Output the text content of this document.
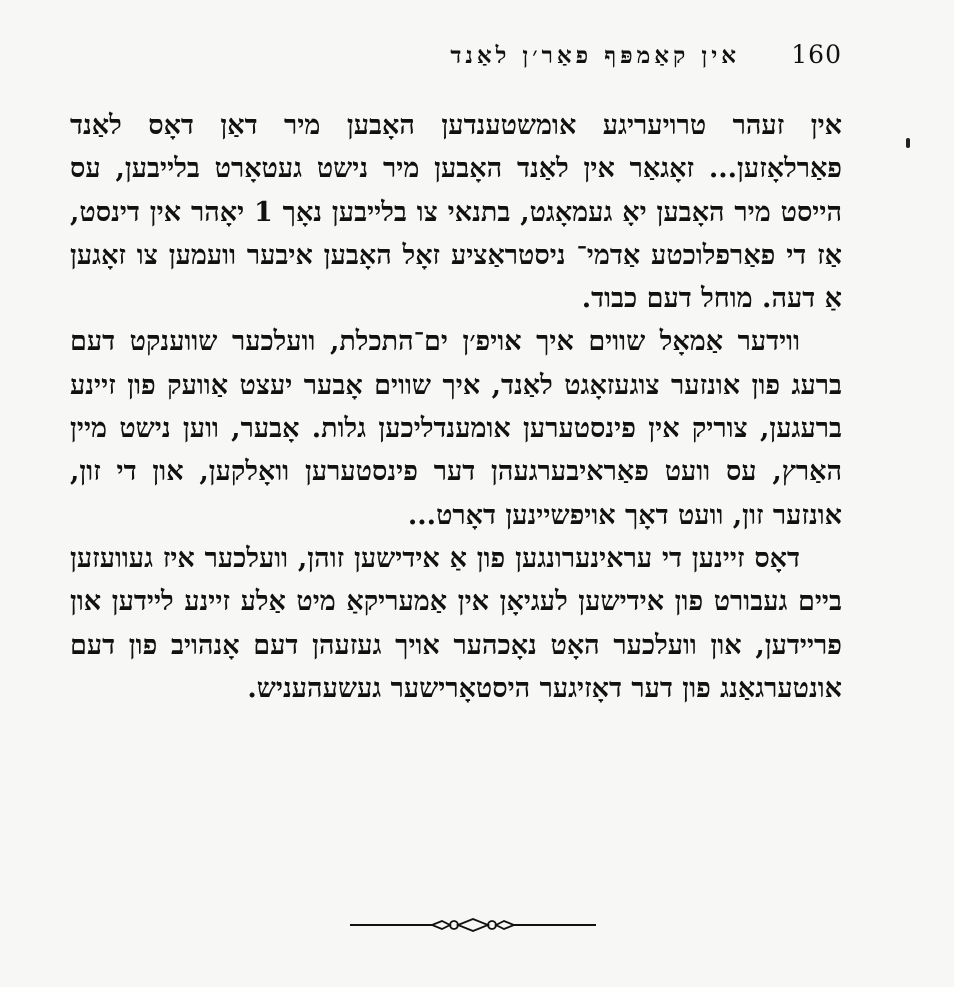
אין קאַמפּף פאַר׳ן לאַנד 160

אין זעהר טרויעריגע אומשטענדען האָבען מיר דאַן דאָס לאַנד פאַרלאָזען... זאָגאַר אין לאַנד האָבען מיר נישט געטאָרט בלייבען, עס הייסט מיר האָבען יאָ געמאָגט, בתנאי צו בלייבען נאָך 1 יאָהר אין דינסט, אַז די פאַרפלוכטע אַדמי־ ניסטראַציע זאָל האָבען איבער וועמען צו זאָגען אַ דעה. מוחל דעם כבוד.

ווידער אַמאָל שווים איך אויפ׳ן ים־התכלת, וועלכער שווענקט דעם ברעג פון אונזער צוגעזאָגט לאַנד, איך שווים אָבער יעצט אַוועק פון זיינע ברעגען, צוריק אין פינסטערען אומענדליכען גלות. אָבער, ווען נישט מיין האַרץ, עס וועט פאַראיבערגעהן דער פינסטערען וואָלקען, און די זון, אונזער זון, וועט דאָך אויפשיינען דאָרט...

דאָס זיינען די עראינערונגען פון אַ אידישען זוהן, וועלכער איז געוועזען ביים געבורט פון אידישען לעגיאָן אין אַמעריקאַ מיט אַלע זיינע ליידען און פריידען, און וועלכער האָט נאָכהער אויך געזעהן דעם אָנהויב פון דעם אונטערגאַנג פון דער דאָזיגער היסטאָרישער געשעהעניש.
